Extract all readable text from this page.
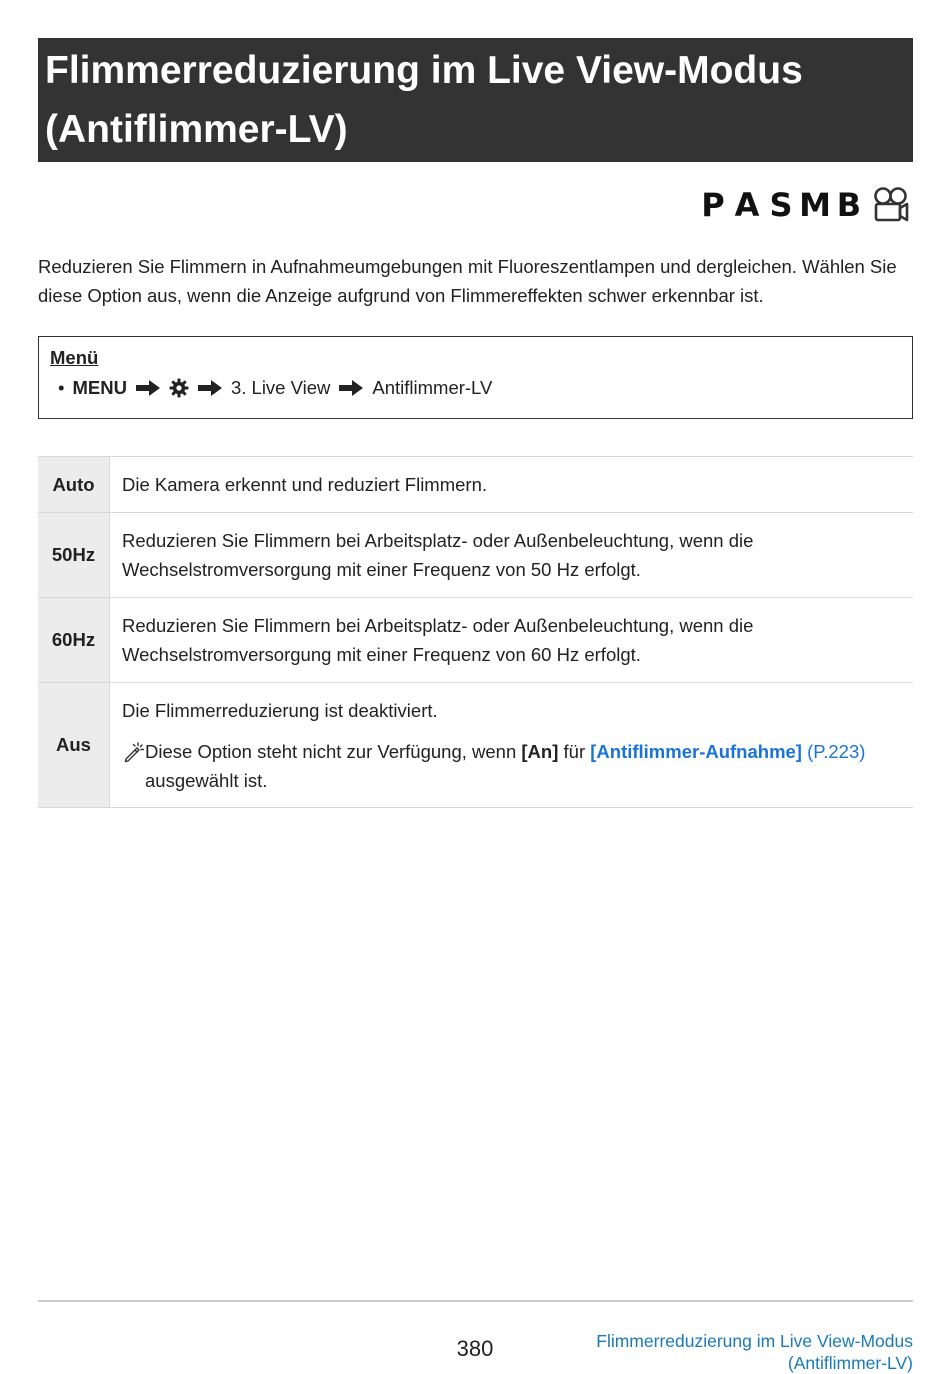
Flimmerreduzierung im Live View-Modus
(Antiflimmer-LV)
P A S M B
Reduzieren Sie Flimmern in Aufnahmeumgebungen mit Fluoreszentlampen und dergleichen. Wählen Sie diese Option aus, wenn die Anzeige aufgrund von Flimmereffekten schwer erkennbar ist.
Menü
• MENU	3. Live View Antiflimmer-LV
Auto	Die Kamera erkennt und reduziert Flimmern.
50Hz	Reduzieren Sie Flimmern bei Arbeitsplatz- oder Außenbeleuchtung, wenn die Wechselstromversorgung mit einer Frequenz von 50 Hz erfolgt.
60Hz	Reduzieren Sie Flimmern bei Arbeitsplatz- oder Außenbeleuchtung, wenn die Wechselstromversorgung mit einer Frequenz von 60 Hz erfolgt.
Aus	Die Flimmerreduzierung ist deaktiviert.
Diese Option steht nicht zur Verfügung, wenn [An] für [Antiflimmer-Aufnahme] (P.223)
ausgewählt ist.
380	Flimmerreduzierung im Live View-Modus
(Antiflimmer-LV)
